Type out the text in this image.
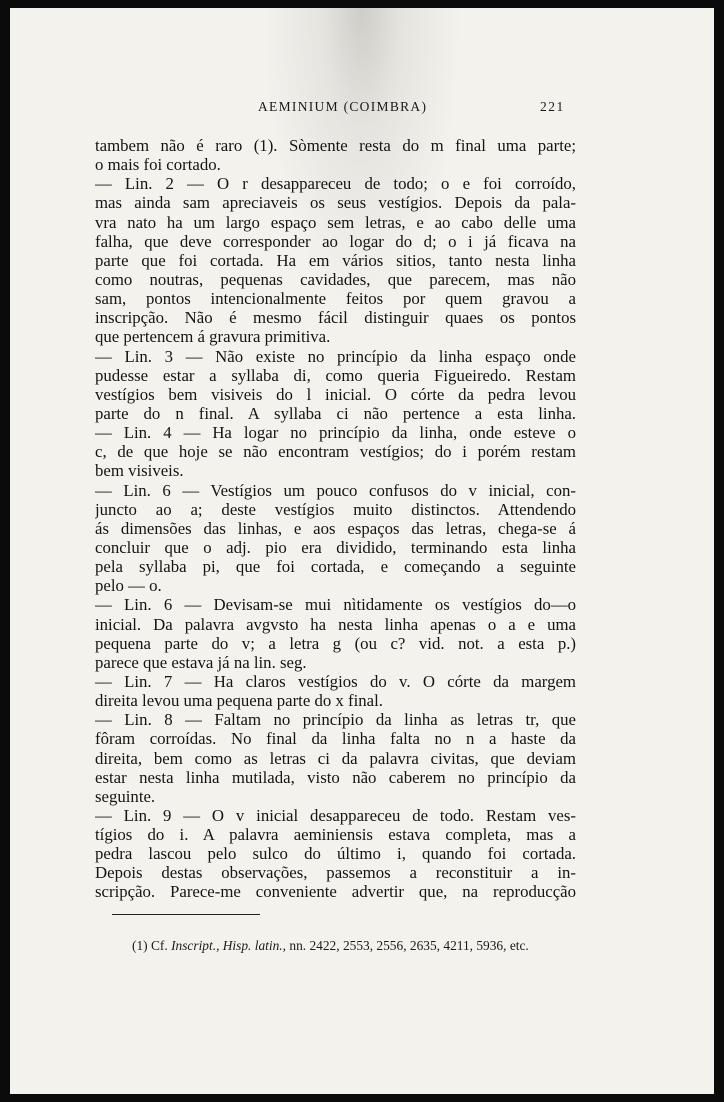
AEMINIUM (COIMBRA)	221
tambem não é raro (1). Sòmente resta do m final uma parte;
o mais foi cortado.
— Lin. 2 — O r desappareceu de todo; o e foi corroído,
mas ainda sam apreciaveis os seus vestígios. Depois da pala-
vra nato ha um largo espaço sem letras, e ao cabo delle uma
falha, que deve corresponder ao logar do d; o i já ficava na
parte que foi cortada. Ha em vários sitios, tanto nesta linha
como noutras, pequenas cavidades, que parecem, mas não
sam, pontos intencionalmente feitos por quem gravou a
inscripção. Não é mesmo fácil distinguir quaes os pontos
que pertencem á gravura primitiva.
— Lin. 3 — Não existe no princípio da linha espaço onde
pudesse estar a syllaba di, como queria Figueiredo. Restam
vestígios bem visiveis do l inicial. O córte da pedra levou
parte do n final. A syllaba ci não pertence a esta linha.
— Lin. 4 — Ha logar no princípio da linha, onde esteve o
c, de que hoje se não encontram vestígios; do i porém restam
bem visiveis.
— Lin. 6 — Vestígios um pouco confusos do v inicial, con-
juncto ao a; deste vestígios muito distinctos. Attendendo
ás dimensões das linhas, e aos espaços das letras, chega-se á
concluir que o adj. pio era dividido, terminando esta linha
pela syllaba pi, que foi cortada, e começando a seguinte
pelo — o.
— Lin. 6 — Devisam-se mui nìtidamente os vestígios do—o
inicial. Da palavra avgvsto ha nesta linha apenas o a e uma
pequena parte do v; a letra g (ou c? vid. not. a esta p.)
parece que estava já na lin. seg.
— Lin. 7 — Ha claros vestígios do v. O córte da margem
direita levou uma pequena parte do x final.
— Lin. 8 — Faltam no princípio da linha as letras tr, que
fôram corroídas. No final da linha falta no n a haste da
direita, bem como as letras ci da palavra civitas, que deviam
estar nesta linha mutilada, visto não caberem no princípio da
seguinte.
— Lin. 9 — O v inicial desappareceu de todo. Restam ves-
tígios do i. A palavra aeminiensis estava completa, mas a
pedra lascou pelo sulco do último i, quando foi cortada.
Depois destas observações, passemos a reconstituir a in-
scripção. Parece-me conveniente advertir que, na reproducção
(1) Cf. Inscript., Hisp. latin., nn. 2422, 2553, 2556, 2635, 4211, 5936, etc.
